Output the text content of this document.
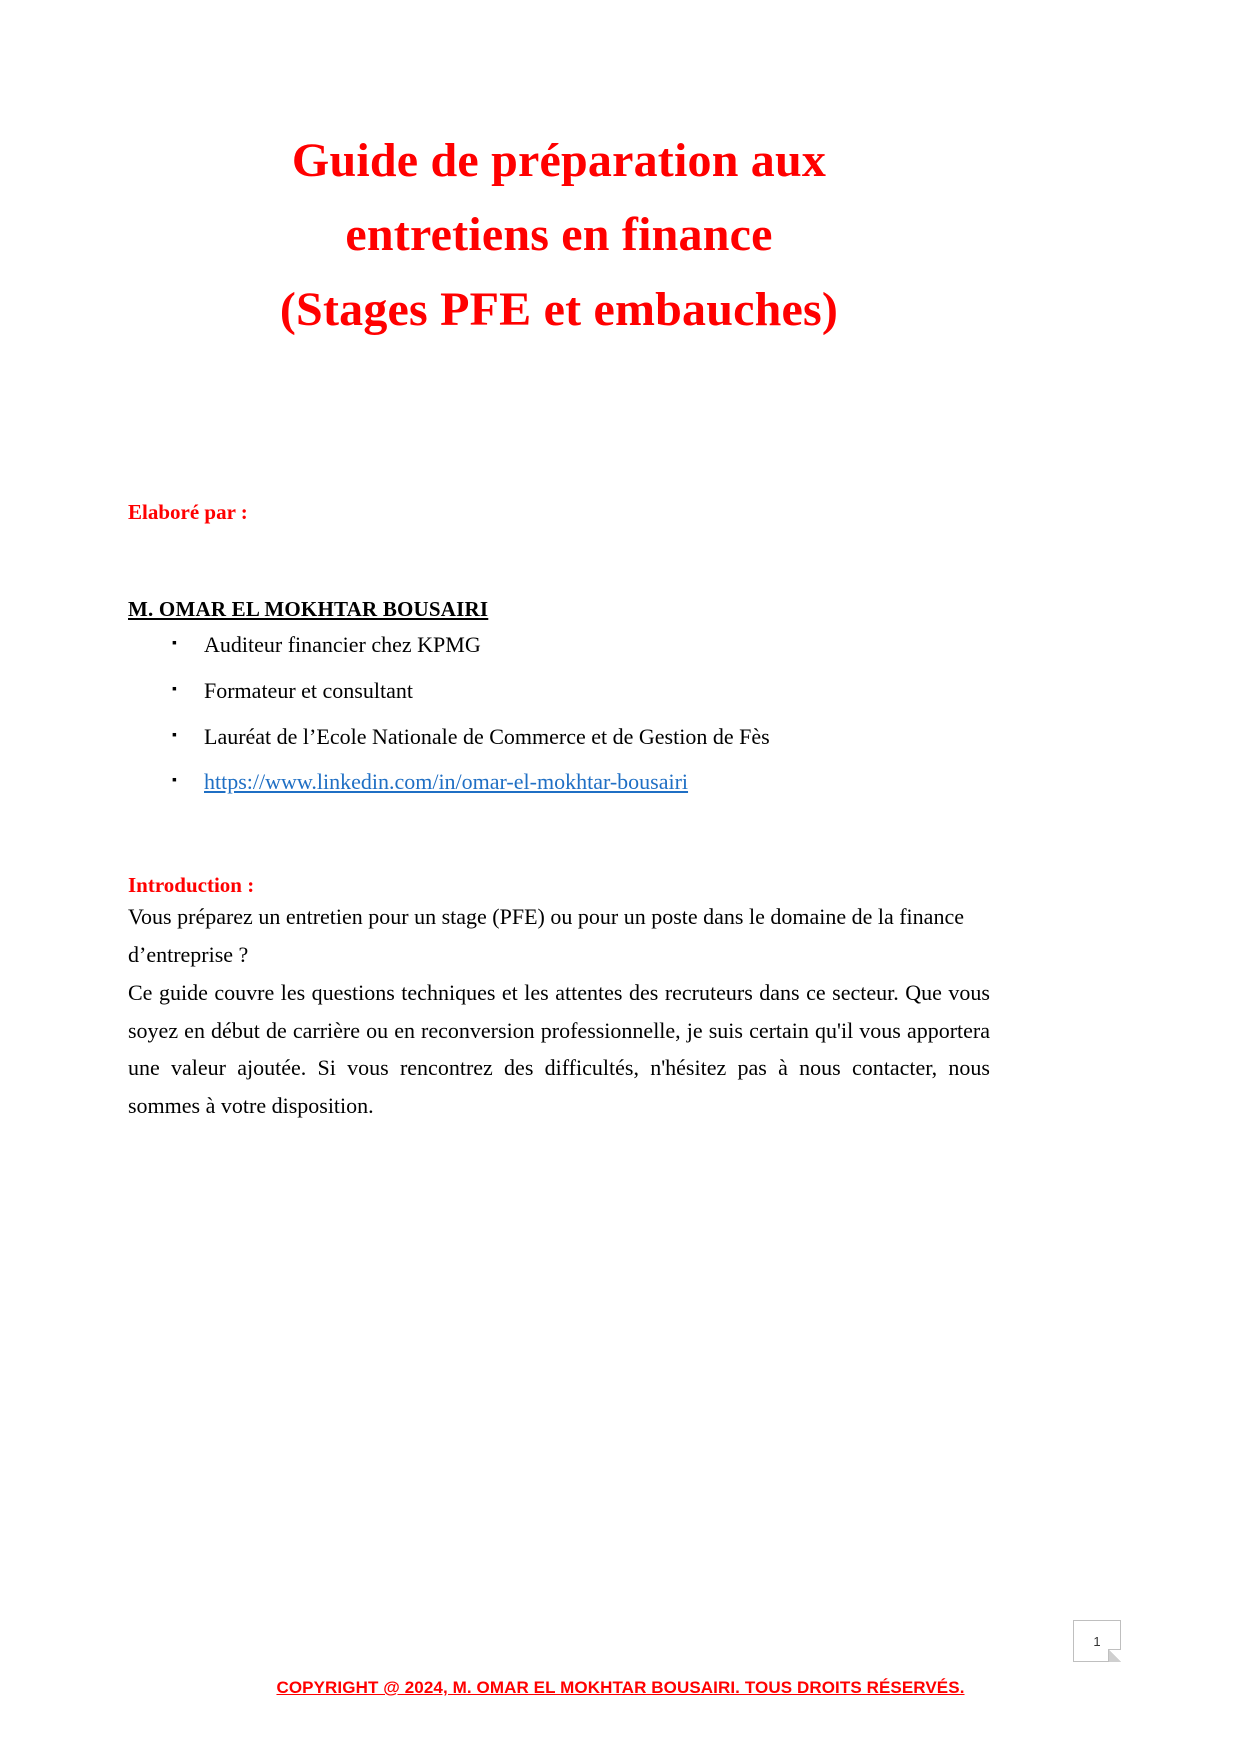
Guide de préparation aux
entretiens en finance
(Stages PFE et embauches)

Elaboré par :

M. OMAR EL MOKHTAR BOUSAIRI

▪ Auditeur financier chez KPMG
▪ Formateur et consultant
▪ Lauréat de l’Ecole Nationale de Commerce et de Gestion de Fès
▪ https://www.linkedin.com/in/omar-el-mokhtar-bousairi

Introduction :

Vous préparez un entretien pour un stage (PFE) ou pour un poste dans le domaine de la finance d’entreprise ?

Ce guide couvre les questions techniques et les attentes des recruteurs dans ce secteur. Que vous soyez en début de carrière ou en reconversion professionnelle, je suis certain qu'il vous apportera une valeur ajoutée. Si vous rencontrez des difficultés, n'hésitez pas à nous contacter, nous sommes à votre disposition.

1
COPYRIGHT @ 2024, M. OMAR EL MOKHTAR BOUSAIRI. TOUS DROITS RÉSERVÉS.
